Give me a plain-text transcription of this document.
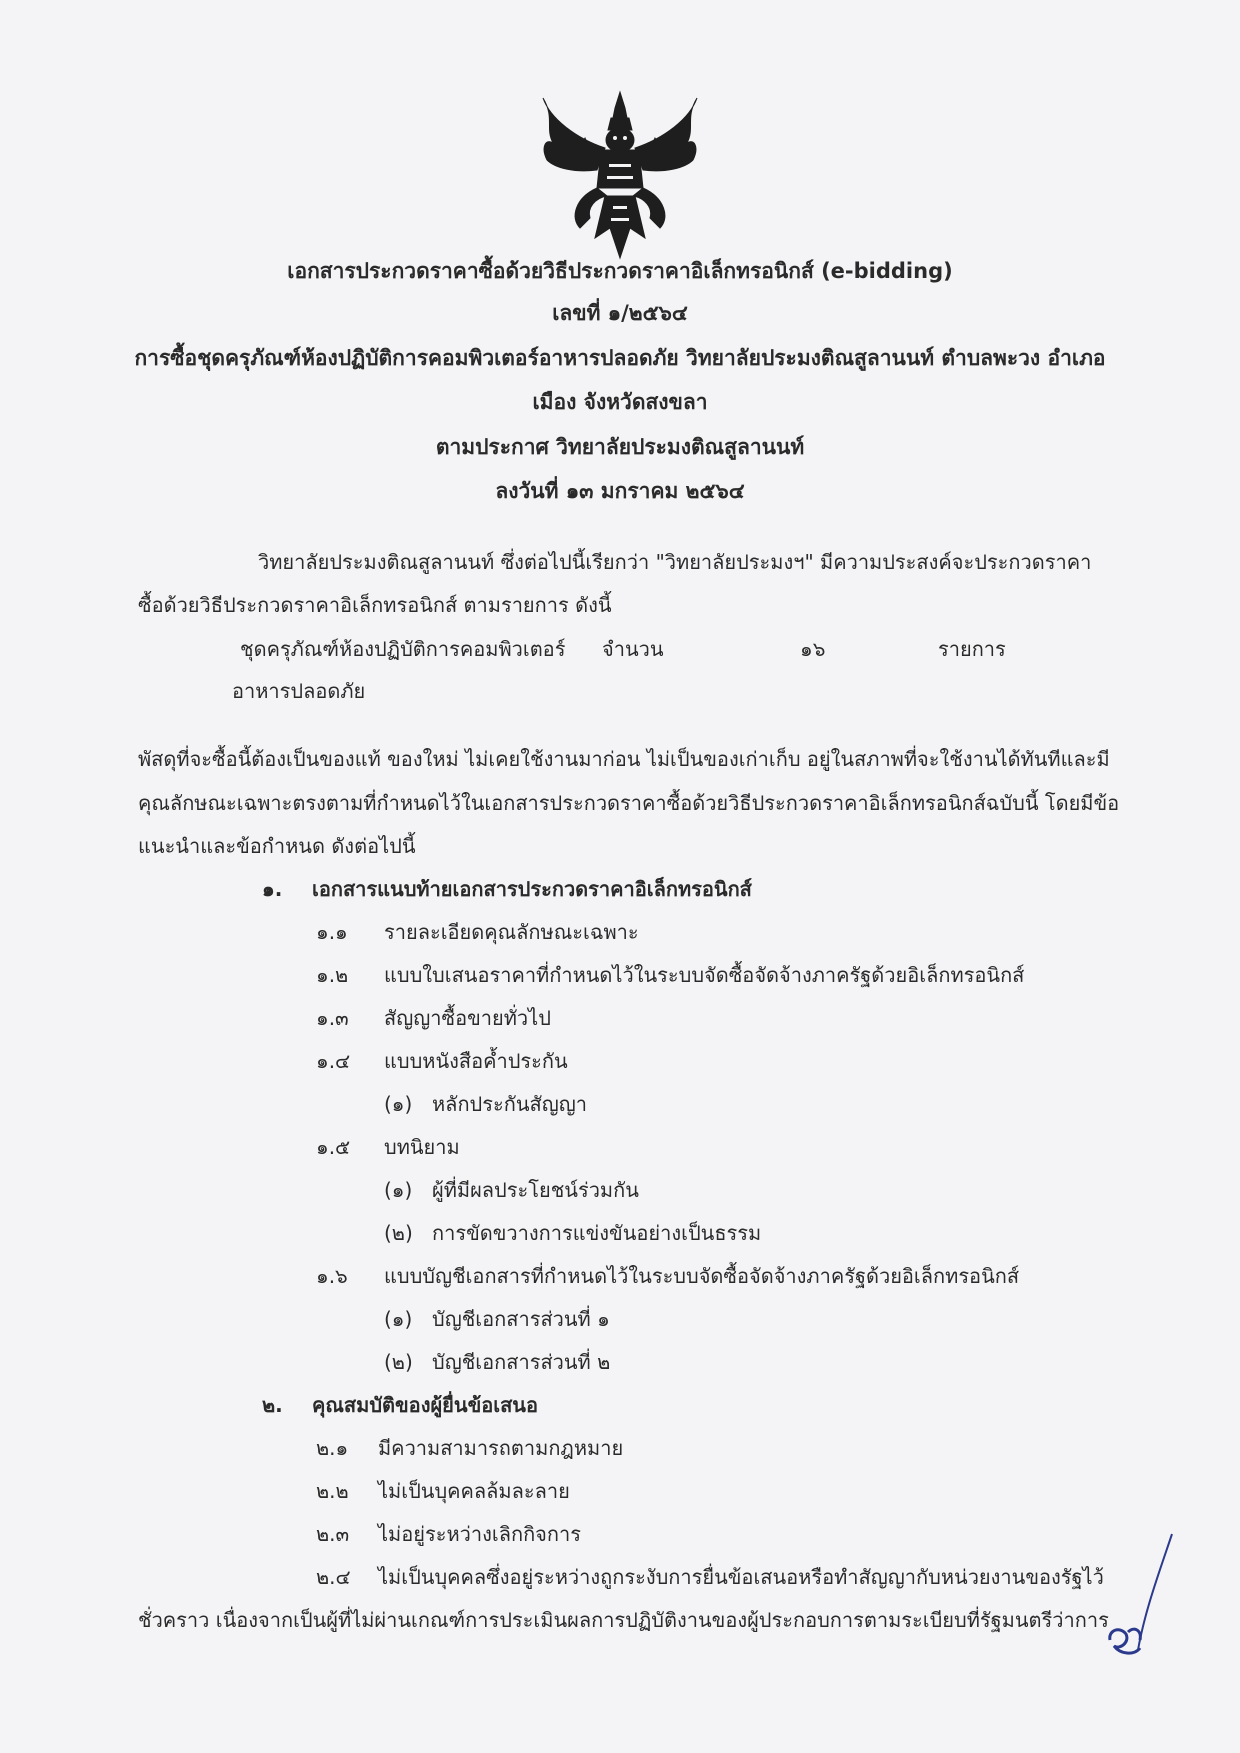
เอกสารประกวดราคาซื้อด้วยวิธีประกวดราคาอิเล็กทรอนิกส์ (e-bidding)
เลขที่ ๑/๒๕๖๔
การซื้อชุดครุภัณฑ์ห้องปฏิบัติการคอมพิวเตอร์อาหารปลอดภัย วิทยาลัยประมงติณสูลานนท์ ตำบลพะวง อำเภอ
เมือง จังหวัดสงขลา
ตามประกาศ วิทยาลัยประมงติณสูลานนท์
ลงวันที่ ๑๓ มกราคม ๒๕๖๔
วิทยาลัยประมงติณสูลานนท์ ซึ่งต่อไปนี้เรียกว่า "วิทยาลัยประมงฯ" มีความประสงค์จะประกวดราคา
ซื้อด้วยวิธีประกวดราคาอิเล็กทรอนิกส์ ตามรายการ ดังนี้
ชุดครุภัณฑ์ห้องปฏิบัติการคอมพิวเตอร์ จำนวน	๑๖	รายการ
อาหารปลอดภัย
พัสดุที่จะซื้อนี้ต้องเป็นของแท้ ของใหม่ ไม่เคยใช้งานมาก่อน ไม่เป็นของเก่าเก็บ อยู่ในสภาพที่จะใช้งานได้ทันทีและมี
คุณลักษณะเฉพาะตรงตามที่กำหนดไว้ในเอกสารประกวดราคาซื้อด้วยวิธีประกวดราคาอิเล็กทรอนิกส์ฉบับนี้ โดยมีข้อ
แนะนำและข้อกำหนด ดังต่อไปนี้
๑. เอกสารแนบท้ายเอกสารประกวดราคาอิเล็กทรอนิกส์
๑.๑ รายละเอียดคุณลักษณะเฉพาะ
๑.๒ แบบใบเสนอราคาที่กำหนดไว้ในระบบจัดซื้อจัดจ้างภาครัฐด้วยอิเล็กทรอนิกส์
๑.๓ สัญญาซื้อขายทั่วไป
๑.๔ แบบหนังสือค้ำประกัน
(๑) หลักประกันสัญญา
๑.๕ บทนิยาม
(๑) ผู้ที่มีผลประโยชน์ร่วมกัน
(๒) การขัดขวางการแข่งขันอย่างเป็นธรรม
๑.๖ แบบบัญชีเอกสารที่กำหนดไว้ในระบบจัดซื้อจัดจ้างภาครัฐด้วยอิเล็กทรอนิกส์
(๑) บัญชีเอกสารส่วนที่ ๑
(๒) บัญชีเอกสารส่วนที่ ๒
๒. คุณสมบัติของผู้ยื่นข้อเสนอ
๒.๑ มีความสามารถตามกฎหมาย
๒.๒ ไม่เป็นบุคคลล้มละลาย
๒.๓ ไม่อยู่ระหว่างเลิกกิจการ
๒.๔ ไม่เป็นบุคคลซึ่งอยู่ระหว่างถูกระงับการยื่นข้อเสนอหรือทำสัญญากับหน่วยงานของรัฐไว้
ชั่วคราว เนื่องจากเป็นผู้ที่ไม่ผ่านเกณฑ์การประเมินผลการปฏิบัติงานของผู้ประกอบการตามระเบียบที่รัฐมนตรีว่าการ
